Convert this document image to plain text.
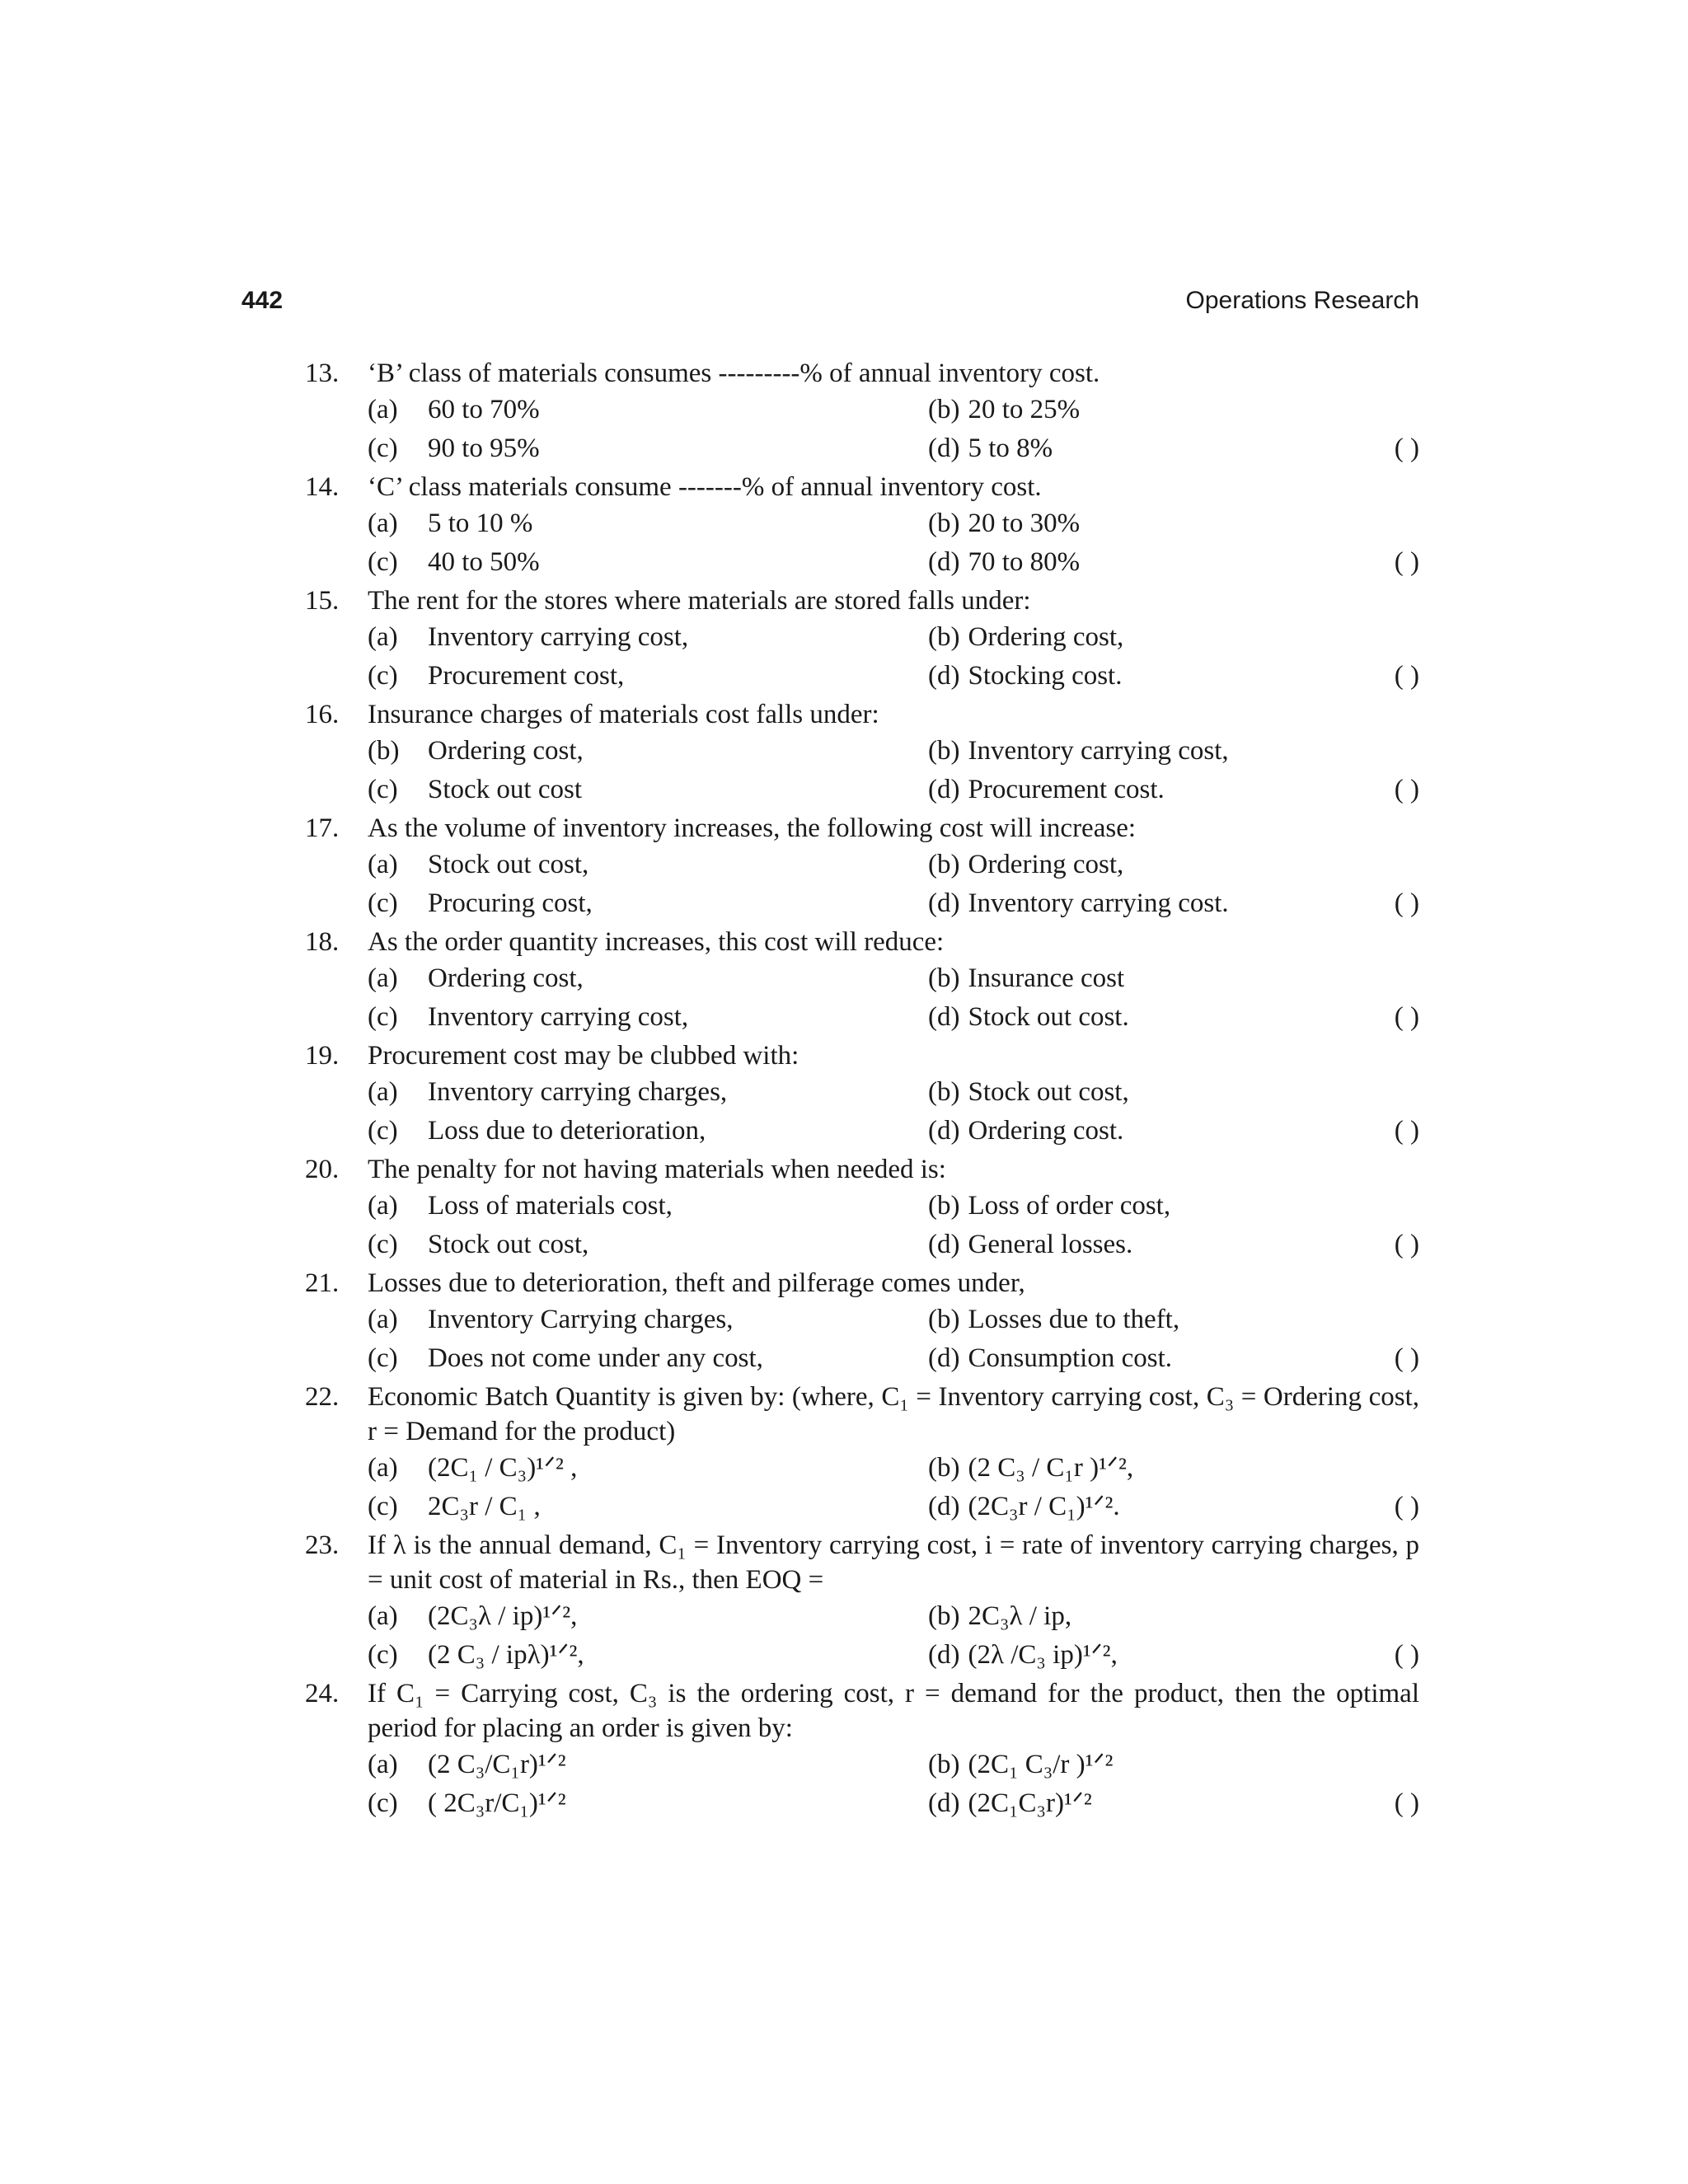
442	Operations Research
13. ‘B’ class of materials consumes ---------% of annual inventory cost.
(a) 60 to 70%	(b) 20 to 25%
(c) 90 to 95%	(d) 5 to 8%	( )
14. ‘C’ class materials consume -------% of annual inventory cost.
(a) 5 to 10 %	(b) 20 to 30%
(c) 40 to 50%	(d) 70 to 80%	( )
15. The rent for the stores where materials are stored falls under:
(a) Inventory carrying cost,	(b) Ordering cost,
(c) Procurement cost,	(d) Stocking cost.	( )
16. Insurance charges of materials cost falls under:
(b) Ordering cost,	(b) Inventory carrying cost,
(c) Stock out cost	(d) Procurement cost.	( )
17. As the volume of inventory increases, the following cost will increase:
(a) Stock out cost,	(b) Ordering cost,
(c) Procuring cost,	(d) Inventory carrying cost.	( )
18. As the order quantity increases, this cost will reduce:
(a) Ordering cost,	(b) Insurance cost
(c) Inventory carrying cost,	(d) Stock out cost.	( )
19. Procurement cost may be clubbed with:
(a) Inventory carrying charges,	(b) Stock out cost,
(c) Loss due to deterioration,	(d) Ordering cost.	( )
20. The penalty for not having materials when needed is:
(a) Loss of materials cost,	(b) Loss of order cost,
(c) Stock out cost,	(d) General losses.	( )
21. Losses due to deterioration, theft and pilferage comes under,
(a) Inventory Carrying charges,	(b) Losses due to theft,
(c) Does not come under any cost,	(d) Consumption cost.	( )
22. Economic Batch Quantity is given by: (where, C₁ = Inventory carrying cost, C₃ = Ordering cost, r = Demand for the product)
(a) (2C₁ / C₃)¹ᐟ² ,	(b) (2 C₃ / C₁r )¹ᐟ²,
(c) 2C₃r / C₁ ,	(d) (2C₃r / C₁)¹ᐟ².	( )
23. If λ is the annual demand, C₁ = Inventory carrying cost, i = rate of inventory carrying charges, p = unit cost of material in Rs., then EOQ =
(a) (2C₃λ / ip)¹ᐟ²,	(b) 2C₃λ / ip,
(c) (2 C₃ / ipλ)¹ᐟ²,	(d) (2λ /C₃ ip)¹ᐟ²,	( )
24. If C₁ = Carrying cost, C₃ is the ordering cost, r = demand for the product, then the optimal period for placing an order is given by:
(a) (2 C₃/C₁r)¹ᐟ²	(b) (2C₁ C₃/r )¹ᐟ²
(c) ( 2C₃r/C₁)¹ᐟ²	(d) (2C₁C₃r)¹ᐟ²	( )
